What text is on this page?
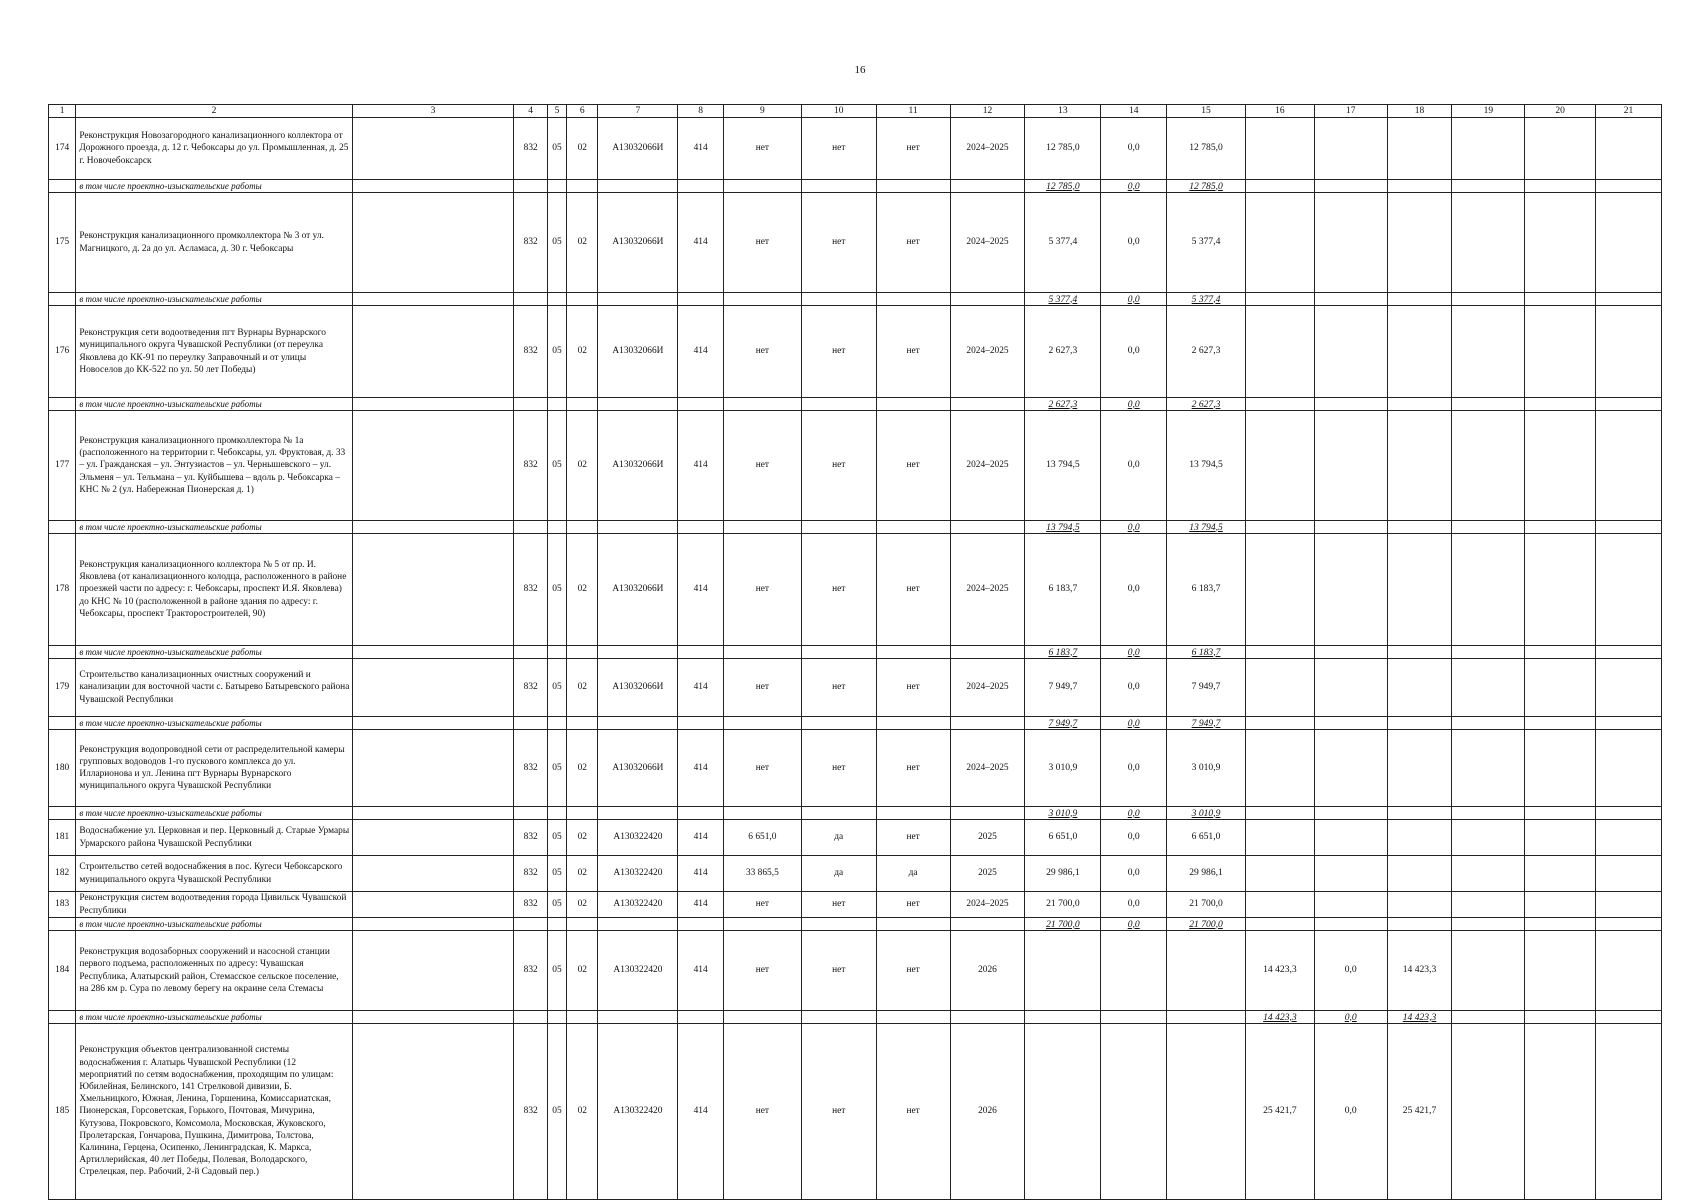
16
1	2	3	4	5	6	7	8	9	10	11	12	13	14	15	16	17	18	19	20	21
174	Реконструкция Новозагородного канализационного коллектора от Дорожного проезда, д. 12 г. Чебоксары до ул. Промышленная, д. 25 г. Новочебоксарск		832	05	02	А13032066И	414	нет	нет	нет	2024–2025	12 785,0	0,0	12 785,0						
	в том числе проектно-изыскательские работы											12 785,0	0,0	12 785,0						
175	Реконструкция канализационного промколлектора № 3 от ул. Магницкого, д. 2а до ул. Асламаса, д. 30 г. Чебоксары		832	05	02	А13032066И	414	нет	нет	нет	2024–2025	5 377,4	0,0	5 377,4						
	в том числе проектно-изыскательские работы											5 377,4	0,0	5 377,4						
176	Реконструкция сети водоотведения пгт Вурнары Вурнарского муниципального округа Чувашской Республики (от переулка Яковлева до КК-91 по переулку Заправочный и от улицы Новоселов до КК-522 по ул. 50 лет Победы)		832	05	02	А13032066И	414	нет	нет	нет	2024–2025	2 627,3	0,0	2 627,3						
	в том числе проектно-изыскательские работы											2 627,3	0,0	2 627,3						
177	Реконструкция канализационного промколлектора № 1а (расположенного на территории г. Чебоксары, ул. Фруктовая, д. 33 – ул. Гражданская – ул. Энтузиастов – ул. Чернышевского – ул. Эльменя – ул. Тельмана – ул. Куйбышева – вдоль р. Чебоксарка – КНС № 2 (ул. Набережная Пионерская д. 1)		832	05	02	А13032066И	414	нет	нет	нет	2024–2025	13 794,5	0,0	13 794,5						
	в том числе проектно-изыскательские работы											13 794,5	0,0	13 794,5						
178	Реконструкция канализационного коллектора № 5 от пр. И. Яковлева (от канализационного колодца, расположенного в районе проезжей части по адресу: г. Чебоксары, проспект И.Я. Яковлева) до КНС № 10 (расположенной в районе здания по адресу: г. Чебоксары, проспект Тракторостроителей, 90)		832	05	02	А13032066И	414	нет	нет	нет	2024–2025	6 183,7	0,0	6 183,7						
	в том числе проектно-изыскательские работы											6 183,7	0,0	6 183,7						
179	Строительство канализационных очистных сооружений и канализации для восточной части с. Батырево Батыревского района Чувашской Республики		832	05	02	А13032066И	414	нет	нет	нет	2024–2025	7 949,7	0,0	7 949,7						
	в том числе проектно-изыскательские работы											7 949,7	0,0	7 949,7						
180	Реконструкция водопроводной сети от распределительной камеры групповых водоводов 1-го пускового комплекса до ул. Илларионова и ул. Ленина пгт Вурнары Вурнарского муниципального округа Чувашской Республики		832	05	02	А13032066И	414	нет	нет	нет	2024–2025	3 010,9	0,0	3 010,9						
	в том числе проектно-изыскательские работы											3 010,9	0,0	3 010,9						
181	Водоснабжение ул. Церковная и пер. Церковный д. Старые Урмары Урмарского района Чувашской Республики		832	05	02	А130322420	414	6 651,0	да	нет	2025	6 651,0	0,0	6 651,0						
182	Строительство сетей водоснабжения в пос. Кугеси Чебоксарского муниципального округа Чувашской Республики		832	05	02	А130322420	414	33 865,5	да	да	2025	29 986,1	0,0	29 986,1						
183	Реконструкция систем водоотведения города Цивильск Чувашской Республики		832	05	02	А130322420	414	нет	нет	нет	2024–2025	21 700,0	0,0	21 700,0						
	в том числе проектно-изыскательские работы											21 700,0	0,0	21 700,0						
184	Реконструкция водозаборных сооружений и насосной станции первого подъема, расположенных по адресу: Чувашская Республика, Алатырский район, Стемасское сельское поселение, на 286 км р. Сура по левому берегу на окраине села Стемасы		832	05	02	А130322420	414	нет	нет	нет	2026				14 423,3	0,0	14 423,3			
	в том числе проектно-изыскательские работы														14 423,3	0,0	14 423,3			
185	Реконструкция объектов централизованной системы водоснабжения г. Алатырь Чувашской Республики (12 мероприятий по сетям водоснабжения, проходящим по улицам: Юбилейная, Белинского, 141 Стрелковой дивизии, Б. Хмельницкого, Южная, Ленина, Горшенина, Комиссариатская, Пионерская, Горсоветская, Горького, Почтовая, Мичурина, Кутузова, Покровского, Комсомола, Московская, Жуковского, Пролетарская, Гончарова, Пушкина, Димитрова, Толстова, Калинина, Герцена, Осипенко, Ленинградская, К. Маркса, Артиллерийская, 40 лет Победы, Полевая, Володарского, Стрелецкая, пер. Рабочий, 2-й Садовый пер.)		832	05	02	А130322420	414	нет	нет	нет	2026				25 421,7	0,0	25 421,7			
